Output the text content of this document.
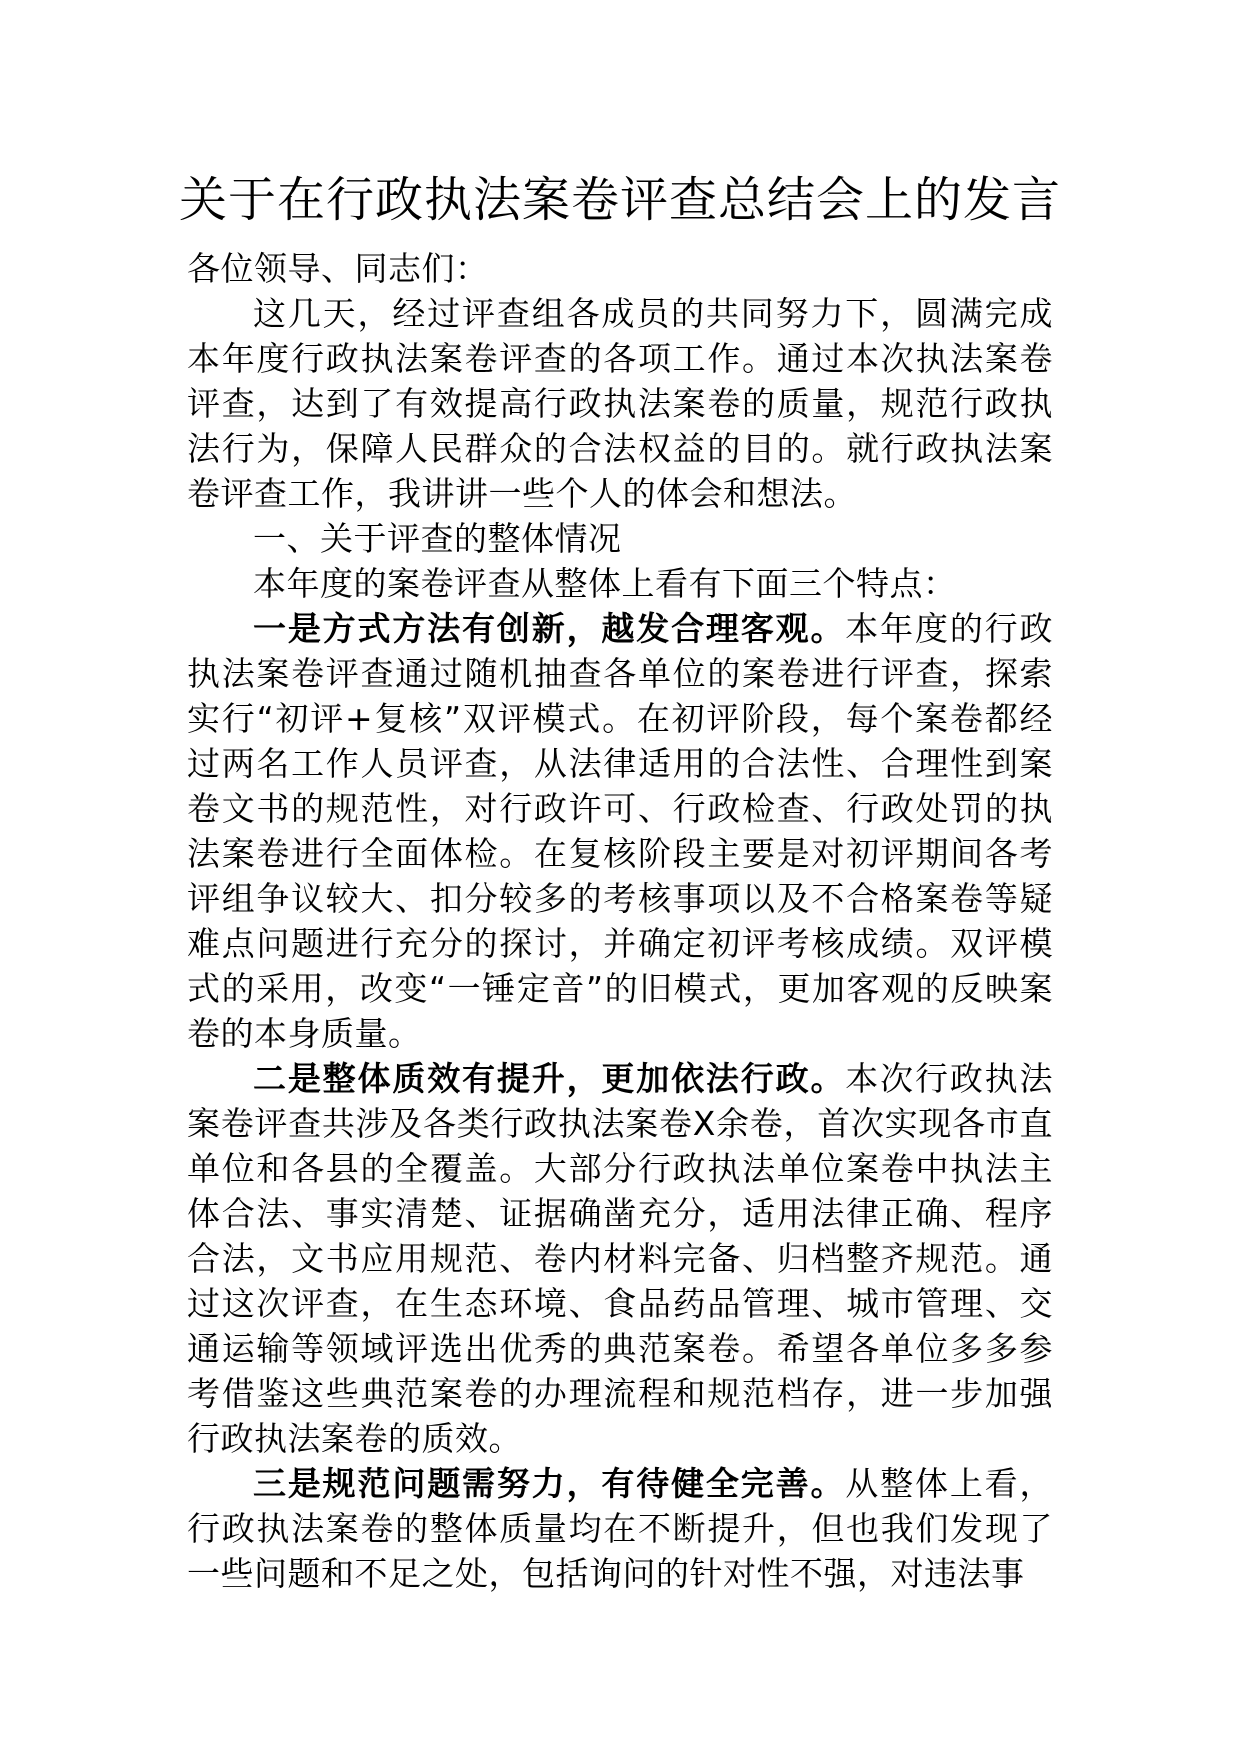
关于在行政执法案卷评查总结会上的发言

各位领导、同志们：

这几天，经过评查组各成员的共同努力下，圆满完成本年度行政执法案卷评查的各项工作。通过本次执法案卷评查，达到了有效提高行政执法案卷的质量，规范行政执法行为，保障人民群众的合法权益的目的。就行政执法案卷评查工作，我讲讲一些个人的体会和想法。

一、关于评查的整体情况

本年度的案卷评查从整体上看有下面三个特点：

一是方式方法有创新，越发合理客观。本年度的行政执法案卷评查通过随机抽查各单位的案卷进行评查，探索实行“初评+复核”双评模式。在初评阶段，每个案卷都经过两名工作人员评查，从法律适用的合法性、合理性到案卷文书的规范性，对行政许可、行政检查、行政处罚的执法案卷进行全面体检。在复核阶段主要是对初评期间各考评组争议较大、扣分较多的考核事项以及不合格案卷等疑难点问题进行充分的探讨，并确定初评考核成绩。双评模式的采用，改变“一锤定音”的旧模式，更加客观的反映案卷的本身质量。

二是整体质效有提升，更加依法行政。本次行政执法案卷评查共涉及各类行政执法案卷X余卷，首次实现各市直单位和各县的全覆盖。大部分行政执法单位案卷中执法主体合法、事实清楚、证据确凿充分，适用法律正确、程序合法，文书应用规范、卷内材料完备、归档整齐规范。通过这次评查，在生态环境、食品药品管理、城市管理、交通运输等领域评选出优秀的典范案卷。希望各单位多多参考借鉴这些典范案卷的办理流程和规范档存，进一步加强行政执法案卷的质效。

三是规范问题需努力，有待健全完善。从整体上看，行政执法案卷的整体质量均在不断提升，但也我们发现了一些问题和不足之处，包括询问的针对性不强，对违法事
